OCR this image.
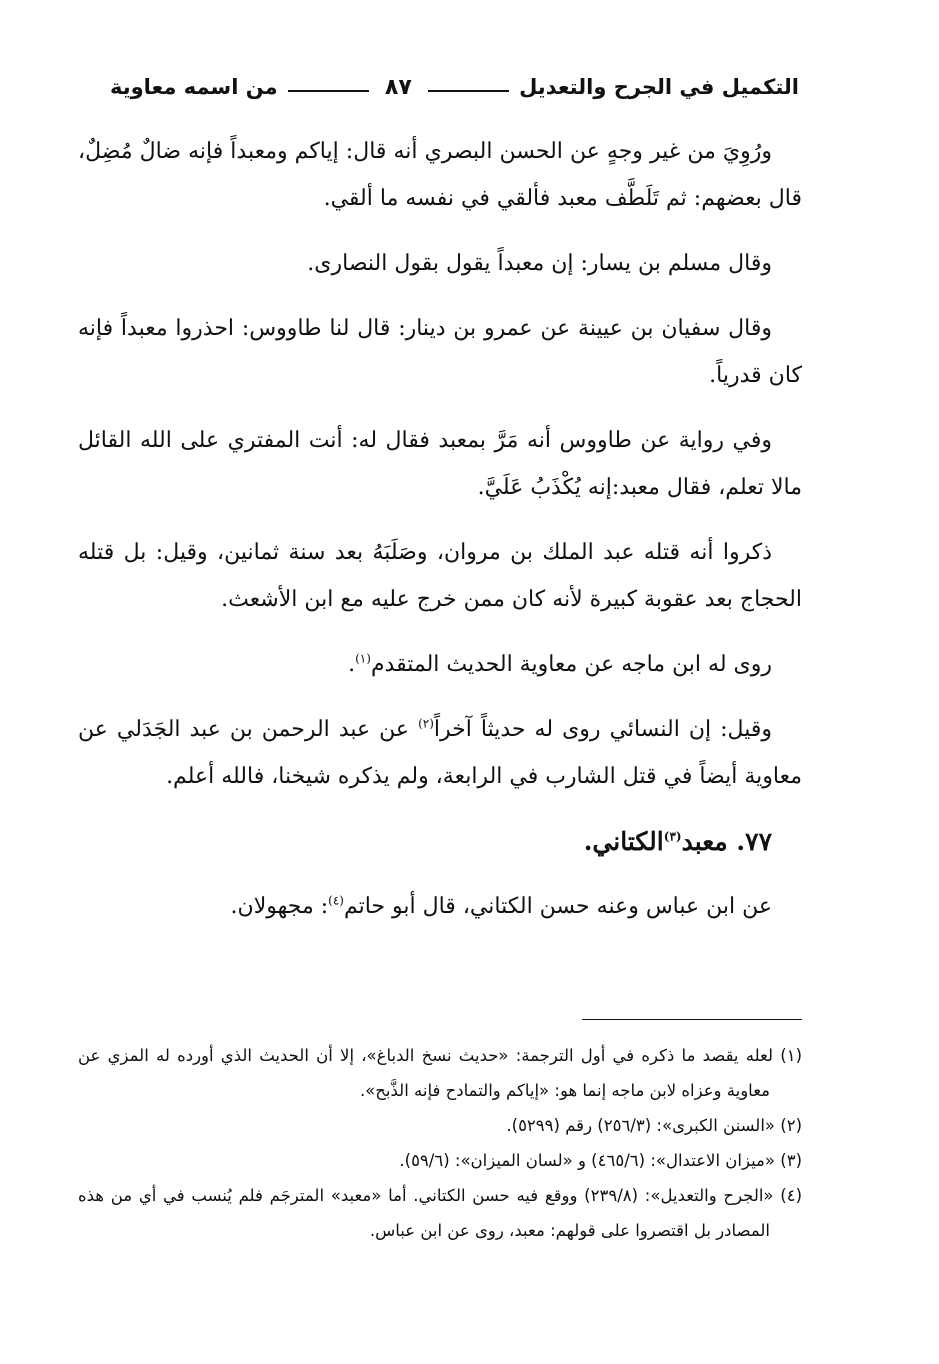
التكميل في الجرح والتعديل
٨٧
من اسمه معاوية

ورُوِيَ من غير وجهٍ عن الحسن البصري أنه قال: إياكم ومعبداً فإنه ضالٌ مُضِلٌ، قال بعضهم: ثم تَلَطَّف معبد فألقي في نفسه ما ألقي.

وقال مسلم بن يسار: إن معبداً يقول بقول النصارى.

وقال سفيان بن عيينة عن عمرو بن دينار: قال لنا طاووس: احذروا معبداً فإنه كان قدرياً.

وفي رواية عن طاووس أنه مَرَّ بمعبد فقال له: أنت المفتري على الله القائل مالا تعلم، فقال معبد:إنه يُكْذَبُ عَلَيَّ.

ذكروا أنه قتله عبد الملك بن مروان، وصَلَبَهُ بعد سنة ثمانين، وقيل: بل قتله الحجاج بعد عقوبة كبيرة لأنه كان ممن خرج عليه مع ابن الأشعث.

روى له ابن ماجه عن معاوية الحديث المتقدم$^{(١)}$.

وقيل: إن النسائي روى له حديثاً آخراً$^{(٢)}$ عن عبد الرحمن بن عبد الجَدَلي عن معاوية أيضاً في قتل الشارب في الرابعة، ولم يذكره شيخنا، فالله أعلم.

٧٧. معبد$^{(٣)}$الكتاني.

عن ابن عباس وعنه حسن الكتاني، قال أبو حاتم$^{(٤)}$: مجهولان.

(١) لعله يقصد ما ذكره في أول الترجمة: «حديث نسخ الدباغ»، إلا أن الحديث الذي أورده له المزي عن معاوية وعزاه لابن ماجه إنما هو: «إياكم والتمادح فإنه الذَّبح».

(٢) «السنن الكبرى»: (٢٥٦/٣) رقم (٥٢٩٩).

(٣) «ميزان الاعتدال»: (٤٦٥/٦) و «لسان الميزان»: (٥٩/٦).

(٤) «الجرح والتعديل»: (٢٣٩/٨) ووقع فيه حسن الكتاني. أما «معبد» المترجَم فلم يُنسب في أي من هذه المصادر بل اقتصروا على قولهم: معبد، روى عن ابن عباس.
